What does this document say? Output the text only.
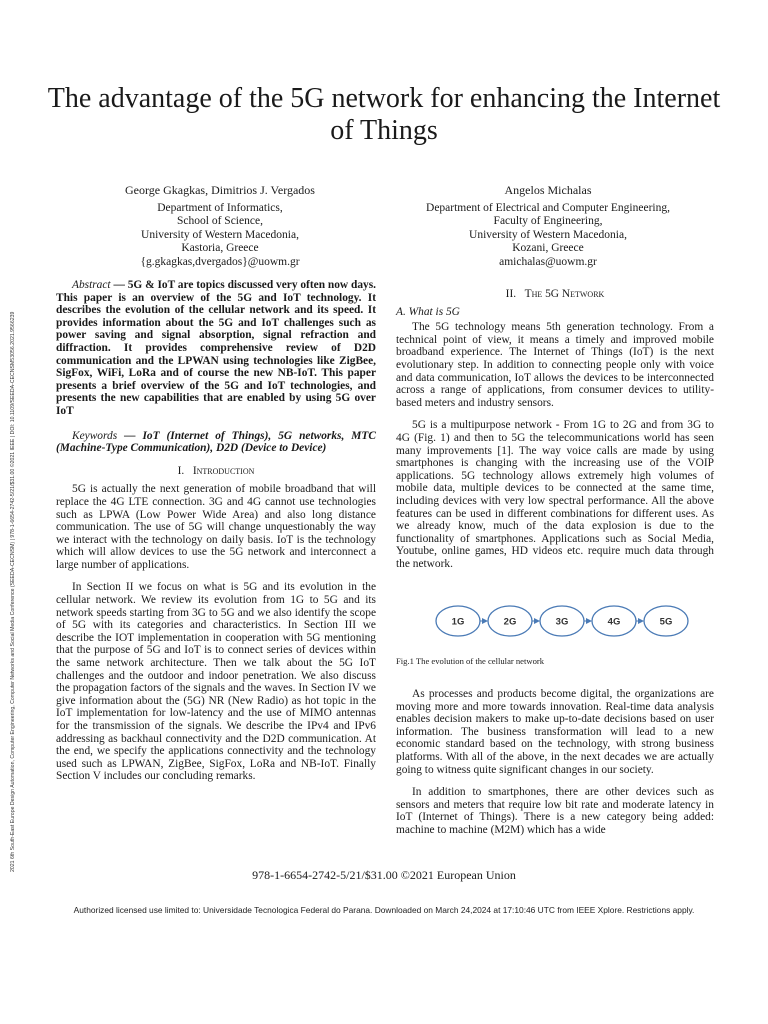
The advantage of the 5G network for enhancing the Internet of Things
2021 6th South-East Europe Design Automation, Computer Engineering, Computer Networks and Social Media Conference (SEEDA-CECNSM) | 978-1-6654-2742-5/21/$31.00 ©2021 IEEE | DOI: 10.1109/SEEDA-CECNSM53056.2021.9566239
George Gkagkas, Dimitrios J. Vergados
Department of Informatics,
School of Science,
University of Western Macedonia,
Kastoria, Greece
{g.gkagkas,dvergados}@uowm.gr
Angelos Michalas
Department of Electrical and Computer Engineering,
Faculty of Engineering,
University of Western Macedonia,
Kozani, Greece
amichalas@uowm.gr
Abstract — 5G & IoT are topics discussed very often now days. This paper is an overview of the 5G and IoT technology. It describes the evolution of the cellular network and its speed. It provides information about the 5G and IoT challenges such as power saving and signal absorption, signal refraction and diffraction. It provides comprehensive review of D2D communication and the LPWAN using technologies like ZigBee, SigFox, WiFi, LoRa and of course the new NB-IoT. This paper presents a brief overview of the 5G and IoT technologies, and presents the new capabilities that are enabled by using 5G over IoT
Keywords — IoT (Internet of Things), 5G networks, MTC (Machine-Type Communication), D2D (Device to Device)
I. Introduction

5G is actually the next generation of mobile broadband that will replace the 4G LTE connection. 3G and 4G cannot use technologies such as LPWA (Low Power Wide Area) and also long distance communication. The use of 5G will change unquestionably the way we interact with the technology on daily basis. IoT is the technology which will allow devices to use the 5G network and interconnect a large number of applications.

In Section II we focus on what is 5G and its evolution in the cellular network. We review its evolution from 1G to 5G and its network speeds starting from 3G to 5G and we also identify the scope of 5G with its categories and characteristics. In Section III we describe the IOT implementation in cooperation with 5G mentioning that the purpose of 5G and IoT is to connect series of devices within the same network architecture. Then we talk about the 5G IoT challenges and the outdoor and indoor penetration. We also discuss the propagation factors of the signals and the waves. In Section IV we give information about the (5G) NR (New Radio) as hot topic in the IoT implementation for low-latency and the use of MIMO antennas for the transmission of the signals. We describe the IPv4 and IPv6 addressing as backhaul connectivity and the D2D communication. At the end, we specify the applications connectivity and the technology used such as LPWAN, ZigBee, SigFox, LoRa and NB-IoT. Finally Section V includes our concluding remarks.

II. The 5G Network
A. What is 5G

The 5G technology means 5th generation technology. From a technical point of view, it means a timely and improved mobile broadband experience. The Internet of Things (IoT) is the next evolutionary step. In addition to connecting people only with voice and data communication, IoT allows the devices to be interconnected across a range of applications, from consumer devices to utility-based meters and industry sensors.

5G is a multipurpose network - From 1G to 2G and from 3G to 4G (Fig. 1) and then to 5G the telecommunications world has seen many improvements [1]. The way voice calls are made by using smartphones is changing with the increasing use of the VOIP applications. 5G technology allows extremely high volumes of mobile data, multiple devices to be connected at the same time, including devices with very low spectral performance. All the above features can be used in different combinations for different uses. As we already know, much of the data explosion is due to the functionality of smartphones. Applications such as Social Media, Youtube, online games, HD videos etc. require much data through the network.

1G	2G	3G	4G	5G
Fig.1 The evolution of the cellular network

As processes and products become digital, the organizations are moving more and more towards innovation. Real-time data analysis enables decision makers to make up-to-date decisions based on user information. The business transformation will lead to a new economic standard based on the technology, with strong business platforms. With all of the above, in the next decades we are actually going to witness quite significant changes in our society.

In addition to smartphones, there are other devices such as sensors and meters that require low bit rate and moderate latency in IoT (Internet of Things). There is a new category being added: machine to machine (M2M) which has a wide

978-1-6654-2742-5/21/$31.00 ©2021 European Union
Authorized licensed use limited to: Universidade Tecnologica Federal do Parana. Downloaded on March 24,2024 at 17:10:46 UTC from IEEE Xplore. Restrictions apply.
